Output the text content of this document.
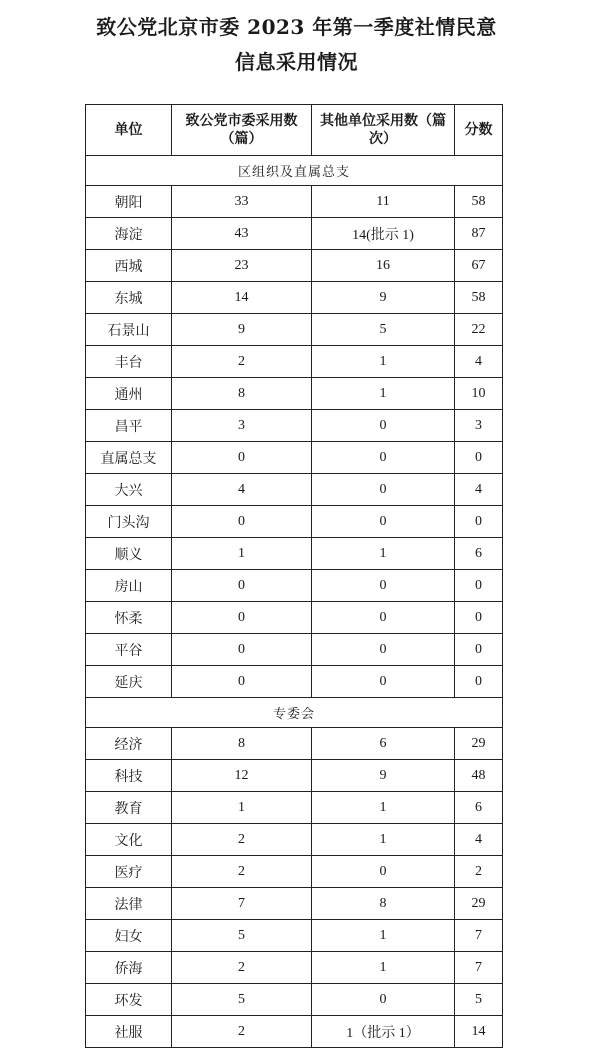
致公党北京市委 2023 年第一季度社情民意
信息采用情况
单位	致公党市委采用数（篇）	其他单位采用数（篇次）	分数
区组织及直属总支			
朝阳	33	11	58
海淀	43	14(批示 1)	87
西城	23	16	67
东城	14	9	58
石景山	9	5	22
丰台	2	1	4
通州	8	1	10
昌平	3	0	3
直属总支	0	0	0
大兴	4	0	4
门头沟	0	0	0
顺义	1	1	6
房山	0	0	0
怀柔	0	0	0
平谷	0	0	0
延庆	0	0	0
专委会			
经济	8	6	29
科技	12	9	48
教育	1	1	6
文化	2	1	4
医疗	2	0	2
法律	7	8	29
妇女	5	1	7
侨海	2	1	7
环发	5	0	5
社服	2	1（批示 1）	14
